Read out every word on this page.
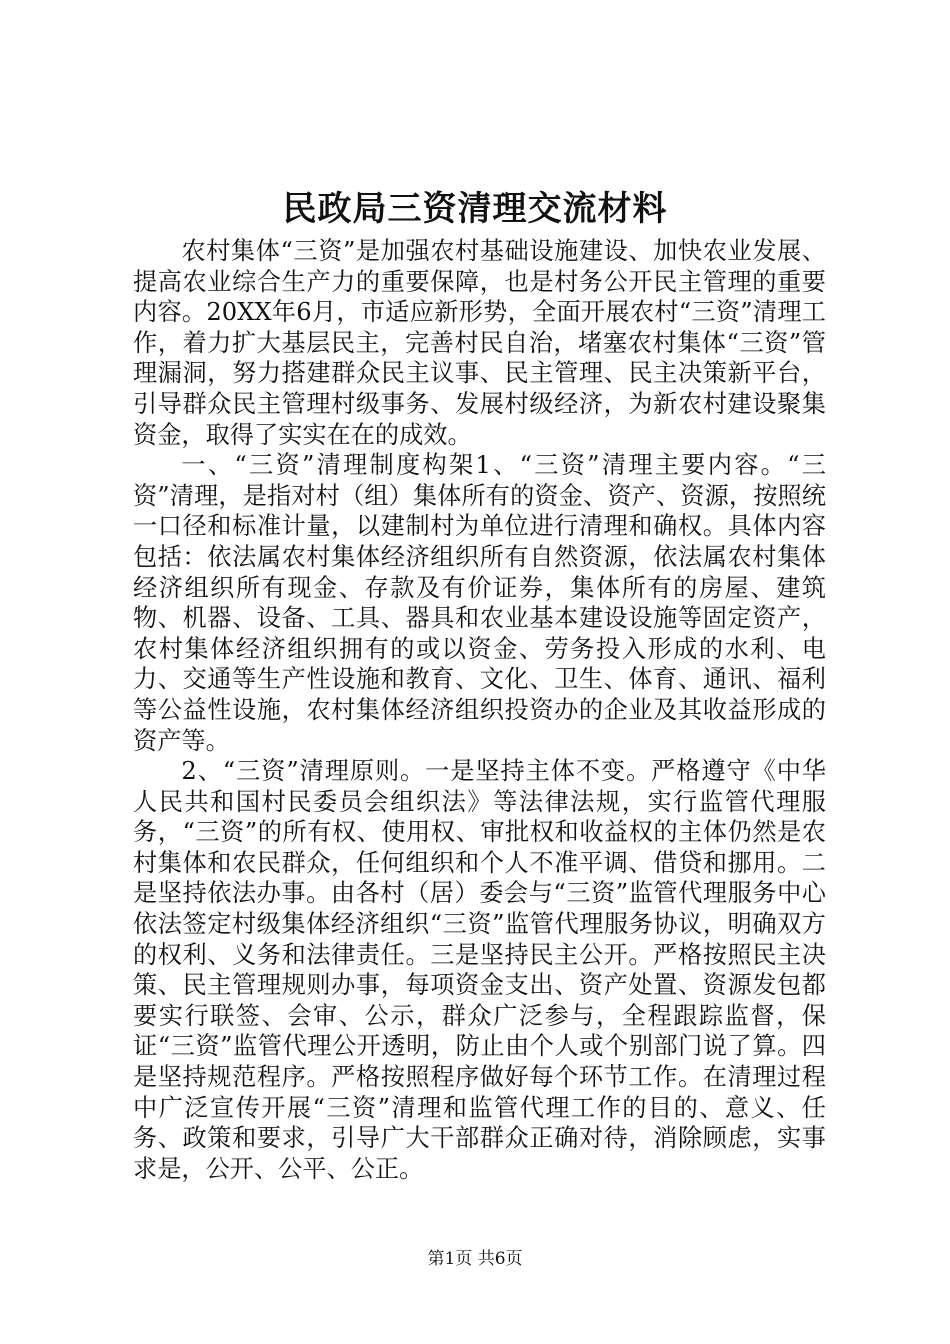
民政局三资清理交流材料

农村集体“三资”是加强农村基础设施建设、加快农业发展、提高农业综合生产力的重要保障，也是村务公开民主管理的重要内容。20XX年6月，市适应新形势，全面开展农村“三资”清理工作，着力扩大基层民主，完善村民自治，堵塞农村集体“三资”管理漏洞，努力搭建群众民主议事、民主管理、民主决策新平台，引导群众民主管理村级事务、发展村级经济，为新农村建设聚集资金，取得了实实在在的成效。

一、“三资”清理制度构架1、“三资”清理主要内容。“三资”清理，是指对村（组）集体所有的资金、资产、资源，按照统一口径和标准计量，以建制村为单位进行清理和确权。具体内容包括：依法属农村集体经济组织所有自然资源，依法属农村集体经济组织所有现金、存款及有价证券，集体所有的房屋、建筑物、机器、设备、工具、器具和农业基本建设设施等固定资产，农村集体经济组织拥有的或以资金、劳务投入形成的水利、电力、交通等生产性设施和教育、文化、卫生、体育、通讯、福利等公益性设施，农村集体经济组织投资办的企业及其收益形成的资产等。

2、“三资”清理原则。一是坚持主体不变。严格遵守《中华人民共和国村民委员会组织法》等法律法规，实行监管代理服务，“三资”的所有权、使用权、审批权和收益权的主体仍然是农村集体和农民群众，任何组织和个人不准平调、借贷和挪用。二是坚持依法办事。由各村（居）委会与“三资”监管代理服务中心依法签定村级集体经济组织“三资”监管代理服务协议，明确双方的权利、义务和法律责任。三是坚持民主公开。严格按照民主决策、民主管理规则办事，每项资金支出、资产处置、资源发包都要实行联签、会审、公示，群众广泛参与，全程跟踪监督，保证“三资”监管代理公开透明，防止由个人或个别部门说了算。四是坚持规范程序。严格按照程序做好每个环节工作。在清理过程中广泛宣传开展“三资”清理和监管代理工作的目的、意义、任务、政策和要求，引导广大干部群众正确对待，消除顾虑，实事求是，公开、公平、公正。

第1页 共6页
